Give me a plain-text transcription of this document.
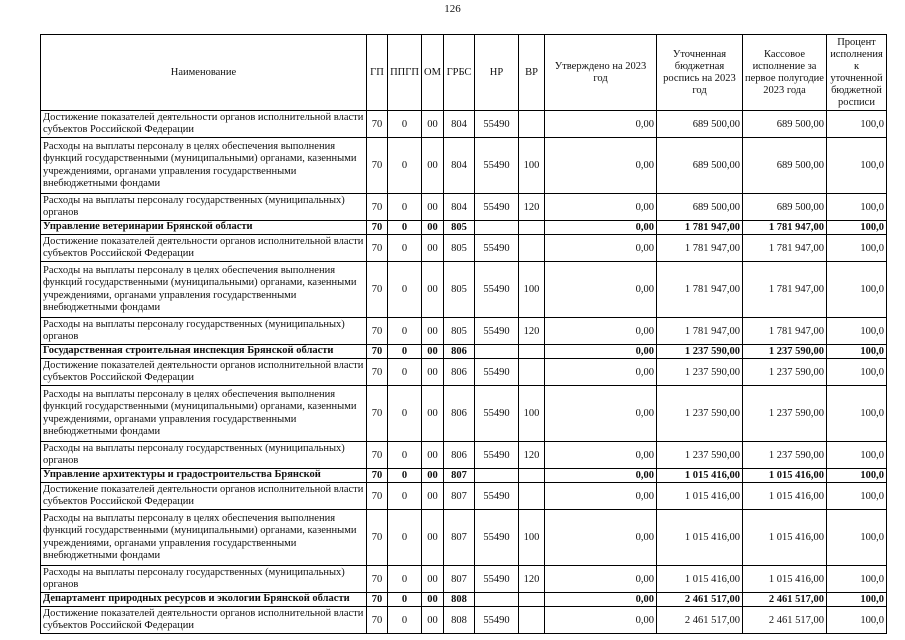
126
Наименование	ГП	ППГП	ОМ	ГРБС	НР	ВР	Утверждено на 2023 год	Уточненная бюджетная роспись на 2023 год	Кассовое исполнение за первое полугодие 2023 года	Процент исполнения к уточненной бюджетной росписи
Достижение показателей деятельности органов исполнительной власти субъектов Российской Федерации	70	0	00	804	55490		0,00	689 500,00	689 500,00	100,0
Расходы на выплаты персоналу в целях обеспечения выполнения функций государственными (муниципальными) органами, казенными учреждениями, органами управления государственными внебюджетными фондами	70	0	00	804	55490	100	0,00	689 500,00	689 500,00	100,0
Расходы на выплаты персоналу государственных (муниципальных) органов	70	0	00	804	55490	120	0,00	689 500,00	689 500,00	100,0
Управление ветеринарии Брянской области	70	0	00	805			0,00	1 781 947,00	1 781 947,00	100,0
Достижение показателей деятельности органов исполнительной власти субъектов Российской Федерации	70	0	00	805	55490		0,00	1 781 947,00	1 781 947,00	100,0
Расходы на выплаты персоналу в целях обеспечения выполнения функций государственными (муниципальными) органами, казенными учреждениями, органами управления государственными внебюджетными фондами	70	0	00	805	55490	100	0,00	1 781 947,00	1 781 947,00	100,0
Расходы на выплаты персоналу государственных (муниципальных) органов	70	0	00	805	55490	120	0,00	1 781 947,00	1 781 947,00	100,0
Государственная строительная инспекция Брянской области	70	0	00	806			0,00	1 237 590,00	1 237 590,00	100,0
Достижение показателей деятельности органов исполнительной власти субъектов Российской Федерации	70	0	00	806	55490		0,00	1 237 590,00	1 237 590,00	100,0
Расходы на выплаты персоналу в целях обеспечения выполнения функций государственными (муниципальными) органами, казенными учреждениями, органами управления государственными внебюджетными фондами	70	0	00	806	55490	100	0,00	1 237 590,00	1 237 590,00	100,0
Расходы на выплаты персоналу государственных (муниципальных) органов	70	0	00	806	55490	120	0,00	1 237 590,00	1 237 590,00	100,0
Управление архитектуры и градостроительства Брянской	70	0	00	807			0,00	1 015 416,00	1 015 416,00	100,0
Достижение показателей деятельности органов исполнительной власти субъектов Российской Федерации	70	0	00	807	55490		0,00	1 015 416,00	1 015 416,00	100,0
Расходы на выплаты персоналу в целях обеспечения выполнения функций государственными (муниципальными) органами, казенными учреждениями, органами управления государственными внебюджетными фондами	70	0	00	807	55490	100	0,00	1 015 416,00	1 015 416,00	100,0
Расходы на выплаты персоналу государственных (муниципальных) органов	70	0	00	807	55490	120	0,00	1 015 416,00	1 015 416,00	100,0
Департамент природных ресурсов и экологии Брянской области	70	0	00	808			0,00	2 461 517,00	2 461 517,00	100,0
Достижение показателей деятельности органов исполнительной власти субъектов Российской Федерации	70	0	00	808	55490		0,00	2 461 517,00	2 461 517,00	100,0
